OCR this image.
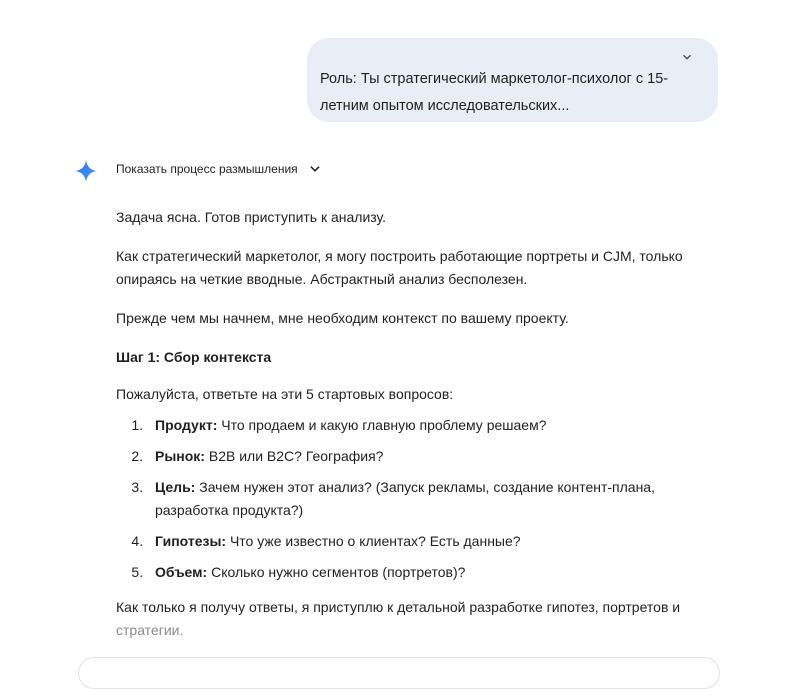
Роль: Ты стратегический маркетолог-психолог с 15-летним опытом исследовательских...
Показать процесс размышления

Задача ясна. Готов приступить к анализу.

Как стратегический маркетолог, я могу построить работающие портреты и CJM, только опираясь на четкие вводные. Абстрактный анализ бесполезен.

Прежде чем мы начнем, мне необходим контекст по вашему проекту.

Шаг 1: Сбор контекста

Пожалуйста, ответьте на эти 5 стартовых вопросов:

1. Продукт: Что продаем и какую главную проблему решаем?
2. Рынок: B2B или B2C? География?
3. Цель: Зачем нужен этот анализ? (Запуск рекламы, создание контент-плана, разработка продукта?)
4. Гипотезы: Что уже известно о клиентах? Есть данные?
5. Объем: Сколько нужно сегментов (портретов)?

Как только я получу ответы, я приступлю к детальной разработке гипотез, портретов и
стратегии.
